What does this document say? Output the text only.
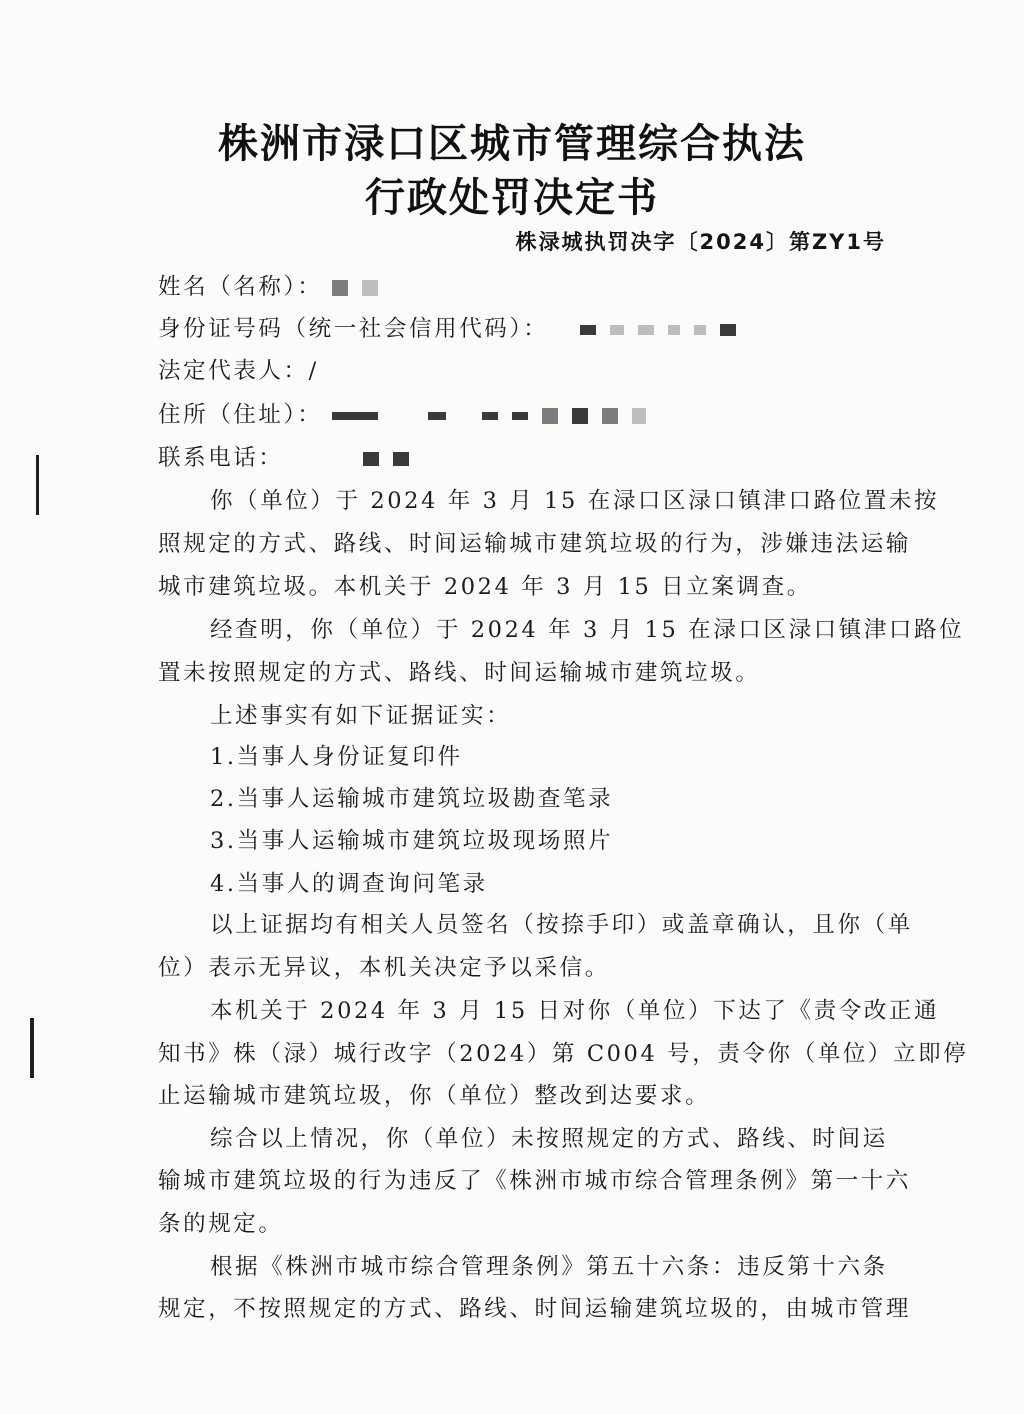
株洲市渌口区城市管理综合执法
行政处罚决定书
株渌城执罚决字〔2024〕第ZY1号
姓名（名称）：
身份证号码（统一社会信用代码）：
法定代表人：/
住所（住址）：
联系电话：
你（单位）于 2024 年 3 月 15 在渌口区渌口镇津口路位置未按
照规定的方式、路线、时间运输城市建筑垃圾的行为，涉嫌违法运输
城市建筑垃圾。本机关于 2024 年 3 月 15 日立案调查。
经查明，你（单位）于 2024 年 3 月 15 在渌口区渌口镇津口路位
置未按照规定的方式、路线、时间运输城市建筑垃圾。
上述事实有如下证据证实：
1.当事人身份证复印件
2.当事人运输城市建筑垃圾勘查笔录
3.当事人运输城市建筑垃圾现场照片
4.当事人的调查询问笔录
以上证据均有相关人员签名（按捺手印）或盖章确认，且你（单
位）表示无异议，本机关决定予以采信。
本机关于 2024 年 3 月 15 日对你（单位）下达了《责令改正通
知书》株（渌）城行改字（2024）第 C004 号，责令你（单位）立即停
止运输城市建筑垃圾，你（单位）整改到达要求。
综合以上情况，你（单位）未按照规定的方式、路线、时间运
输城市建筑垃圾的行为违反了《株洲市城市综合管理条例》第一十六
条的规定。
根据《株洲市城市综合管理条例》第五十六条：违反第十六条
规定，不按照规定的方式、路线、时间运输建筑垃圾的，由城市管理
